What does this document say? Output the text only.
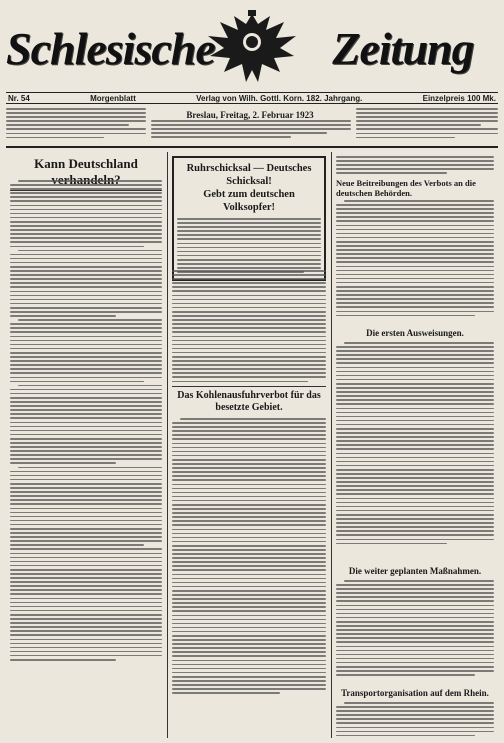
Schlesische	Zeitung
Nr. 54	Morgenblatt	Verlag von Wilh. Gottl. Korn. 182. Jahrgang.	Einzelpreis 100 Mk.
Breslau, Freitag, 2. Februar 1923
Kann Deutschland	Ruhrschicksal — Deutsches Schicksal!
Gebt zum deutschen Volksopfer!
Das Kohlenausfuhrverbot für das besetzte Gebiet.
Neue Beitreibungen des Verbots an die deutschen Behörden.
Die ersten Ausweisungen.
Die weiter geplanten Maßnahmen.
Transportorganisation auf dem Rhein.
